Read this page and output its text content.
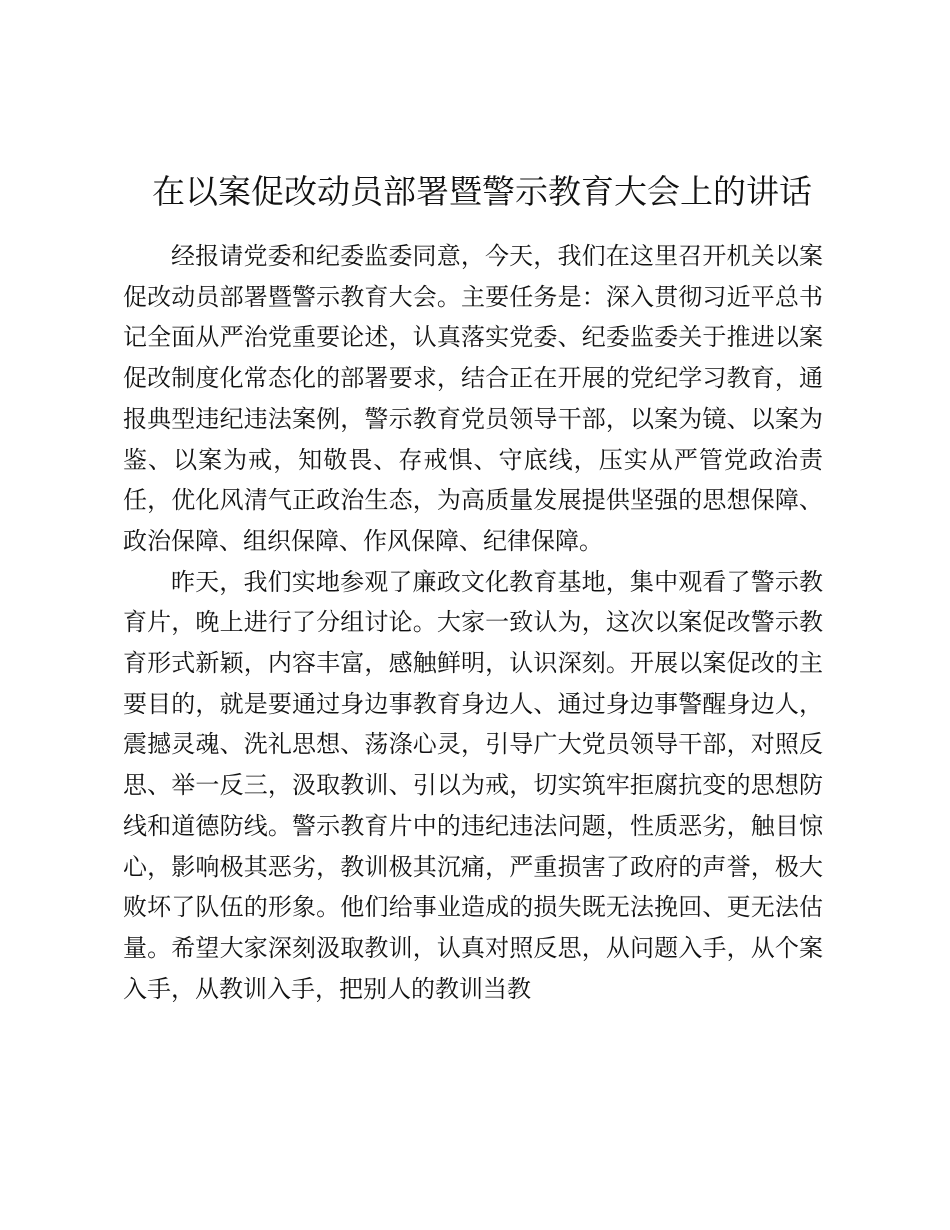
在以案促改动员部署暨警示教育大会上的讲话

经报请党委和纪委监委同意，今天，我们在这里召开机关以案促改动员部署暨警示教育大会。主要任务是：深入贯彻习近平总书记全面从严治党重要论述，认真落实党委、纪委监委关于推进以案促改制度化常态化的部署要求，结合正在开展的党纪学习教育，通报典型违纪违法案例，警示教育党员领导干部，以案为镜、以案为鉴、以案为戒，知敬畏、存戒惧、守底线，压实从严管党政治责任，优化风清气正政治生态，为高质量发展提供坚强的思想保障、政治保障、组织保障、作风保障、纪律保障。

昨天，我们实地参观了廉政文化教育基地，集中观看了警示教育片，晚上进行了分组讨论。大家一致认为，这次以案促改警示教育形式新颖，内容丰富，感触鲜明，认识深刻。开展以案促改的主要目的，就是要通过身边事教育身边人、通过身边事警醒身边人，震撼灵魂、洗礼思想、荡涤心灵，引导广大党员领导干部，对照反思、举一反三，汲取教训、引以为戒，切实筑牢拒腐抗变的思想防线和道德防线。警示教育片中的违纪违法问题，性质恶劣，触目惊心，影响极其恶劣，教训极其沉痛，严重损害了政府的声誉，极大败坏了队伍的形象。他们给事业造成的损失既无法挽回、更无法估量。希望大家深刻汲取教训，认真对照反思，从问题入手，从个案入手，从教训入手，把别人的教训当教
